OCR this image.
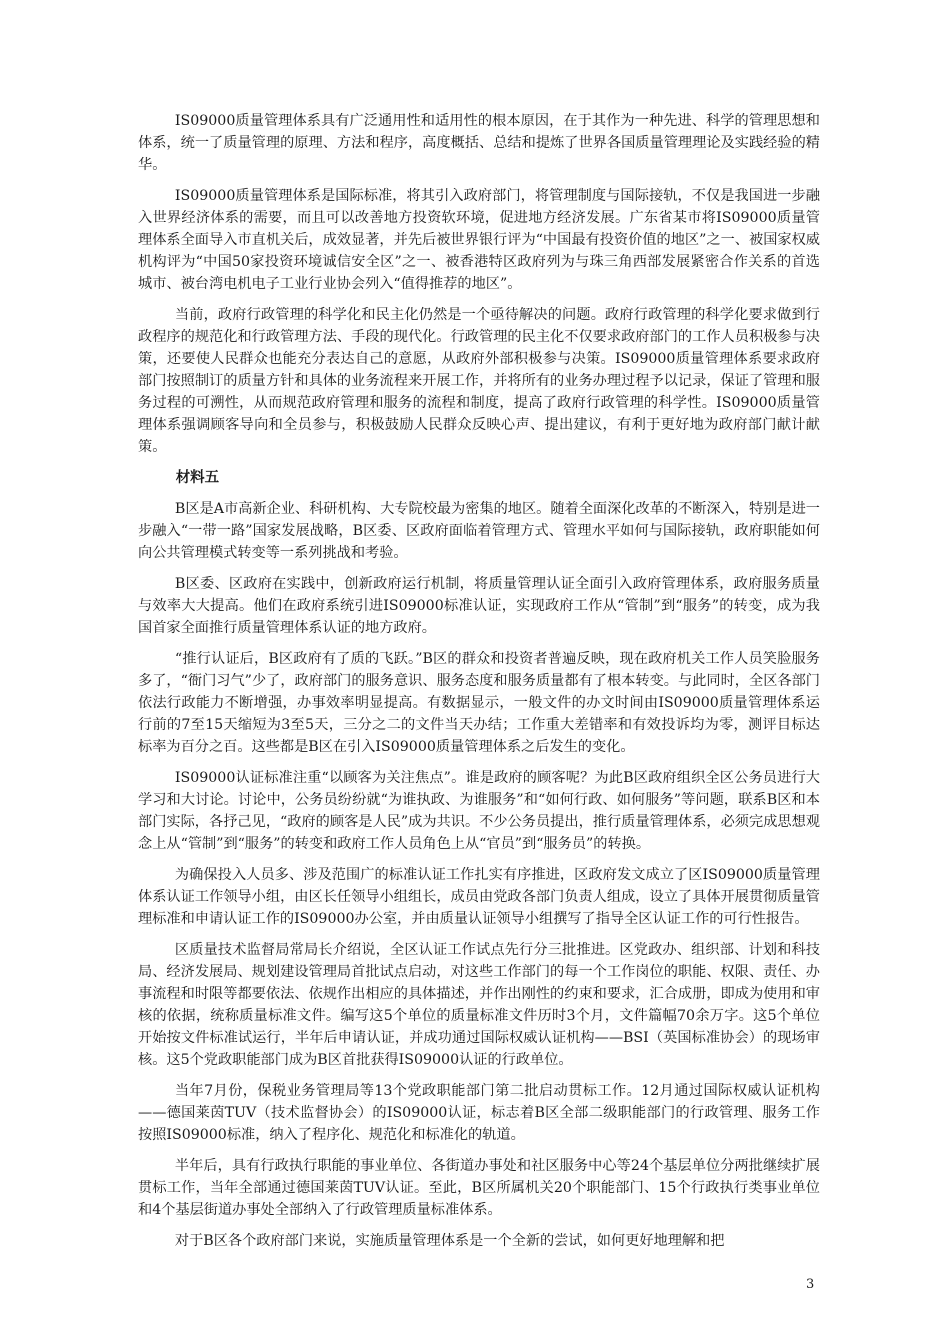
IS09000质量管理体系具有广泛通用性和适用性的根本原因，在于其作为一种先进、科学的管理思想和体系，统一了质量管理的原理、方法和程序，高度概括、总结和提炼了世界各国质量管理理论及实践经验的精华。

IS09000质量管理体系是国际标准，将其引入政府部门，将管理制度与国际接轨，不仅是我国进一步融入世界经济体系的需要，而且可以改善地方投资软环境，促进地方经济发展。广东省某市将IS09000质量管理体系全面导入市直机关后，成效显著，并先后被世界银行评为“中国最有投资价值的地区”之一、被国家权威机构评为“中国50家投资环境诚信安全区”之一、被香港特区政府列为与珠三角西部发展紧密合作关系的首选城市、被台湾电机电子工业行业协会列入“值得推荐的地区”。

当前，政府行政管理的科学化和民主化仍然是一个亟待解决的问题。政府行政管理的科学化要求做到行政程序的规范化和行政管理方法、手段的现代化。行政管理的民主化不仅要求政府部门的工作人员积极参与决策，还要使人民群众也能充分表达自己的意愿，从政府外部积极参与决策。IS09000质量管理体系要求政府部门按照制订的质量方针和具体的业务流程来开展工作，并将所有的业务办理过程予以记录，保证了管理和服务过程的可溯性，从而规范政府管理和服务的流程和制度，提高了政府行政管理的科学性。IS09000质量管理体系强调顾客导向和全员参与，积极鼓励人民群众反映心声、提出建议，有利于更好地为政府部门献计献策。

材料五

B区是A市高新企业、科研机构、大专院校最为密集的地区。随着全面深化改革的不断深入，特别是进一步融入“一带一路”国家发展战略，B区委、区政府面临着管理方式、管理水平如何与国际接轨，政府职能如何向公共管理模式转变等一系列挑战和考验。

B区委、区政府在实践中，创新政府运行机制，将质量管理认证全面引入政府管理体系，政府服务质量与效率大大提高。他们在政府系统引进IS09000标准认证，实现政府工作从“管制”到“服务”的转变，成为我国首家全面推行质量管理体系认证的地方政府。

“推行认证后，B区政府有了质的飞跃。”B区的群众和投资者普遍反映，现在政府机关工作人员笑脸服务多了，“衙门习气”少了，政府部门的服务意识、服务态度和服务质量都有了根本转变。与此同时，全区各部门依法行政能力不断增强，办事效率明显提高。有数据显示，一般文件的办文时间由IS09000质量管理体系运行前的7至15天缩短为3至5天，三分之二的文件当天办结；工作重大差错率和有效投诉均为零，测评目标达标率为百分之百。这些都是B区在引入IS09000质量管理体系之后发生的变化。

IS09000认证标准注重“以顾客为关注焦点”。谁是政府的顾客呢？为此B区政府组织全区公务员进行大学习和大讨论。讨论中，公务员纷纷就“为谁执政、为谁服务”和“如何行政、如何服务”等问题，联系B区和本部门实际，各抒己见，“政府的顾客是人民”成为共识。不少公务员提出，推行质量管理体系，必须完成思想观念上从“管制”到“服务”的转变和政府工作人员角色上从“官员”到“服务员”的转换。

为确保投入人员多、涉及范围广的标准认证工作扎实有序推进，区政府发文成立了区IS09000质量管理体系认证工作领导小组，由区长任领导小组组长，成员由党政各部门负责人组成，设立了具体开展贯彻质量管理标准和申请认证工作的IS09000办公室，并由质量认证领导小组撰写了指导全区认证工作的可行性报告。

区质量技术监督局常局长介绍说，全区认证工作试点先行分三批推进。区党政办、组织部、计划和科技局、经济发展局、规划建设管理局首批试点启动，对这些工作部门的每一个工作岗位的职能、权限、责任、办事流程和时限等都要依法、依规作出相应的具体描述，并作出刚性的约束和要求，汇合成册，即成为使用和审核的依据，统称质量标准文件。编写这5个单位的质量标准文件历时3个月，文件篇幅70余万字。这5个单位开始按文件标准试运行，半年后申请认证，并成功通过国际权威认证机构——BSI（英国标准协会）的现场审核。这5个党政职能部门成为B区首批获得IS09000认证的行政单位。

当年7月份，保税业务管理局等13个党政职能部门第二批启动贯标工作。12月通过国际权威认证机构——德国莱茵TUV（技术监督协会）的IS09000认证，标志着B区全部二级职能部门的行政管理、服务工作按照IS09000标准，纳入了程序化、规范化和标准化的轨道。

半年后，具有行政执行职能的事业单位、各街道办事处和社区服务中心等24个基层单位分两批继续扩展贯标工作，当年全部通过德国莱茵TUV认证。至此，B区所属机关20个职能部门、15个行政执行类事业单位和4个基层街道办事处全部纳入了行政管理质量标准体系。

对于B区各个政府部门来说，实施质量管理体系是一个全新的尝试，如何更好地理解和把

3
